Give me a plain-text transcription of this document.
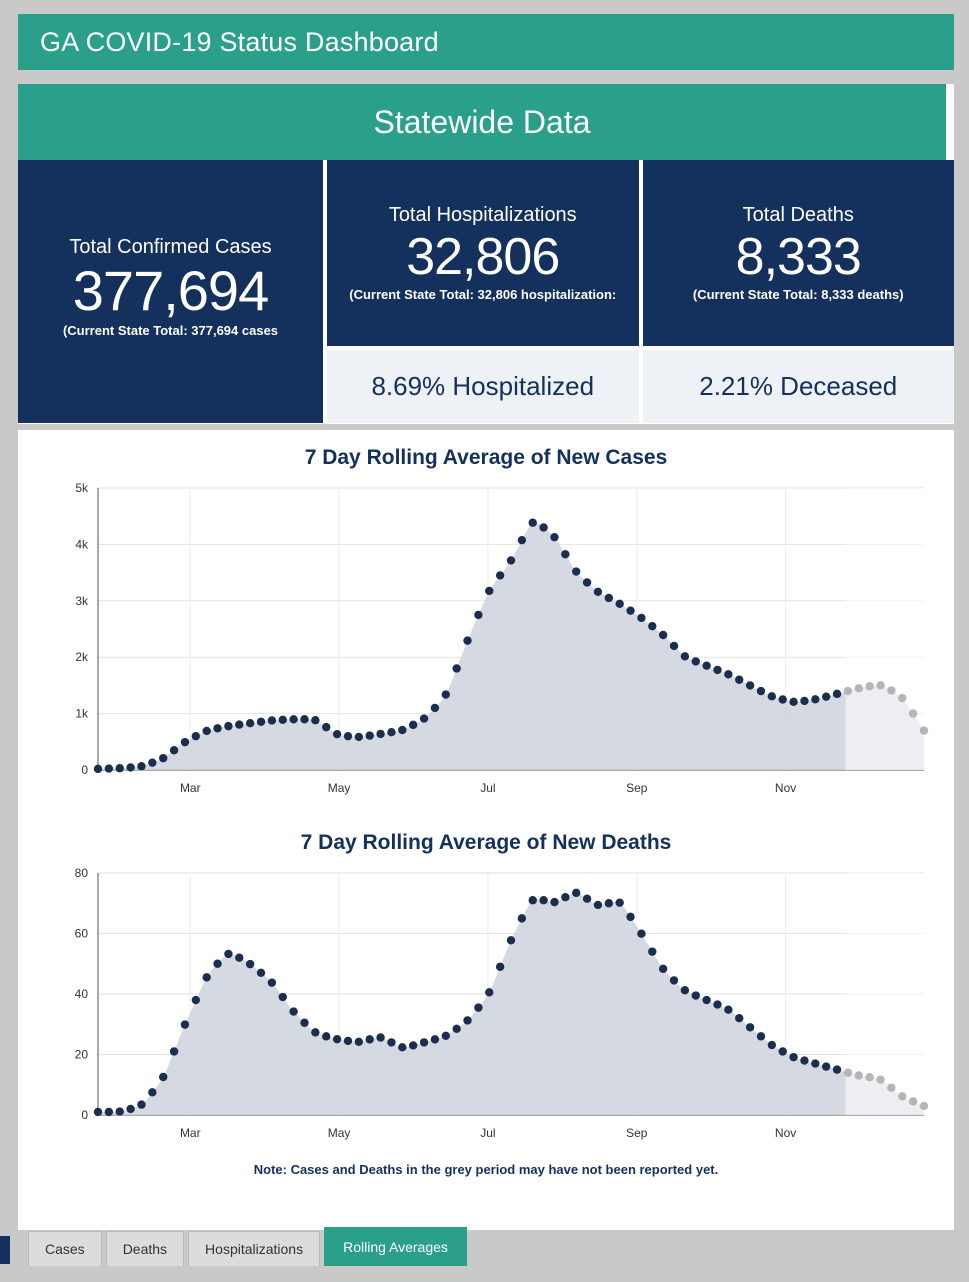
GA COVID-19 Status Dashboard
Statewide Data
Total Confirmed Cases
377,694
(Current State Total: 377,694 cases
Total Hospitalizations
32,806
(Current State Total: 32,806 hospitalization:
Total Deaths
8,333
(Current State Total: 8,333 deaths)
8.69% Hospitalized	2.21% Deceased
7 Day Rolling Average of New Cases
0
1k
2k
3k
4k
5k
Mar	May	Jul	Sep	Nov
7 Day Rolling Average of New Deaths
0
20
40
60
80
Mar	May	Jul	Sep	Nov
Note: Cases and Deaths in the grey period may have not been reported yet.
Cases	Deaths	Hospitalizations	Rolling Averages
